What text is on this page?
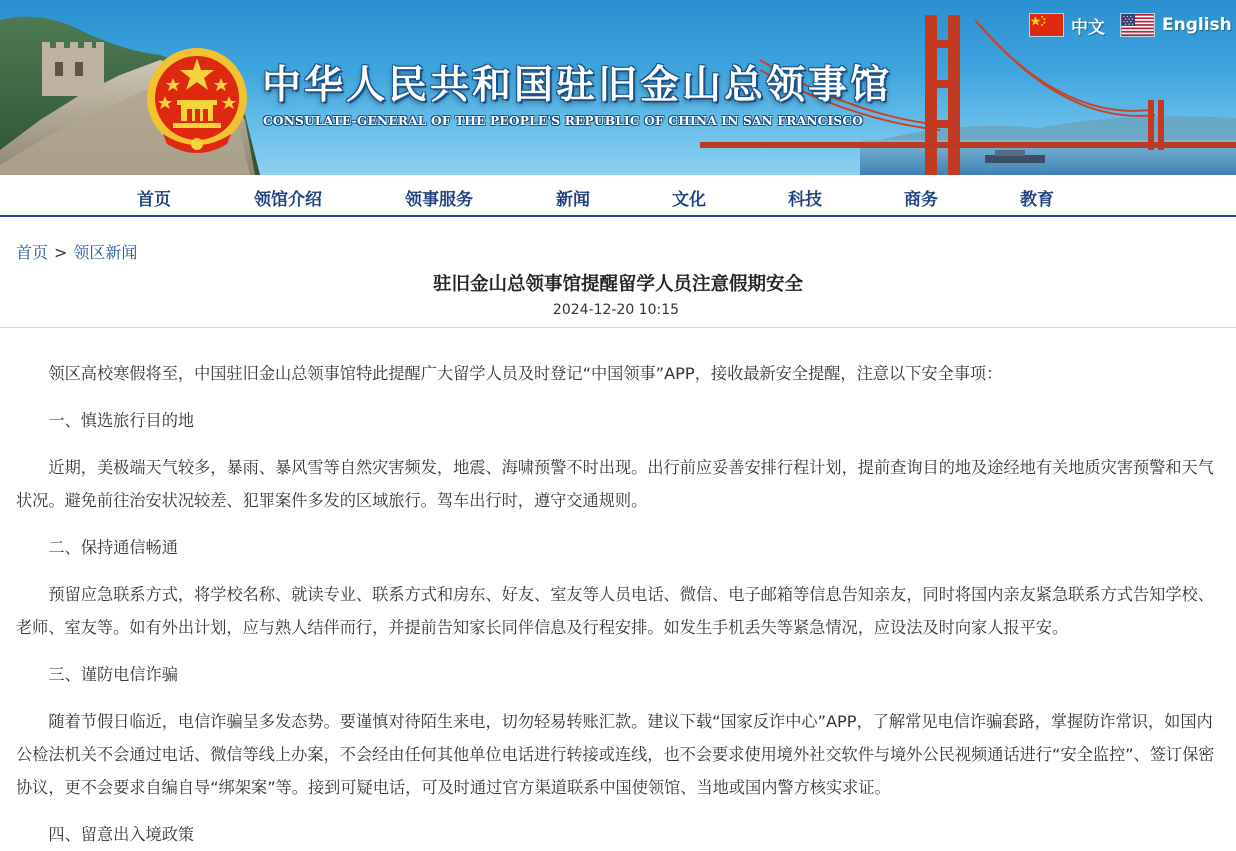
中华人民共和国驻旧金山总领事馆
CONSULATE-GENERAL OF THE PEOPLE'S REPUBLIC OF CHINA IN SAN FRANCISCO
中文	English
首页	领馆介绍	领事服务	新闻	文化	科技	商务	教育
首页 > 领区新闻
驻旧金山总领事馆提醒留学人员注意假期安全
2024-12-20 10:15

领区高校寒假将至，中国驻旧金山总领事馆特此提醒广大留学人员及时登记“中国领事”APP，接收最新安全提醒，注意以下安全事项：

一、慎选旅行目的地

近期，美极端天气较多，暴雨、暴风雪等自然灾害频发，地震、海啸预警不时出现。出行前应妥善安排行程计划，提前查询目的地及途经地有关地质灾害预警和天气状况。避免前往治安状况较差、犯罪案件多发的区域旅行。驾车出行时，遵守交通规则。

二、保持通信畅通

预留应急联系方式，将学校名称、就读专业、联系方式和房东、好友、室友等人员电话、微信、电子邮箱等信息告知亲友，同时将国内亲友紧急联系方式告知学校、老师、室友等。如有外出计划，应与熟人结伴而行，并提前告知家长同伴信息及行程安排。如发生手机丢失等紧急情况，应设法及时向家人报平安。

三、谨防电信诈骗

随着节假日临近，电信诈骗呈多发态势。要谨慎对待陌生来电，切勿轻易转账汇款。建议下载“国家反诈中心”APP，了解常见电信诈骗套路，掌握防诈常识，如国内公检法机关不会通过电话、微信等线上办案，不会经由任何其他单位电话进行转接或连线，也不会要求使用境外社交软件与境外公民视频通话进行“安全监控”、签订保密协议，更不会要求自编自导“绑架案”等。接到可疑电话，可及时通过官方渠道联系中国使领馆、当地或国内警方核实求证。

四、留意出入境政策
